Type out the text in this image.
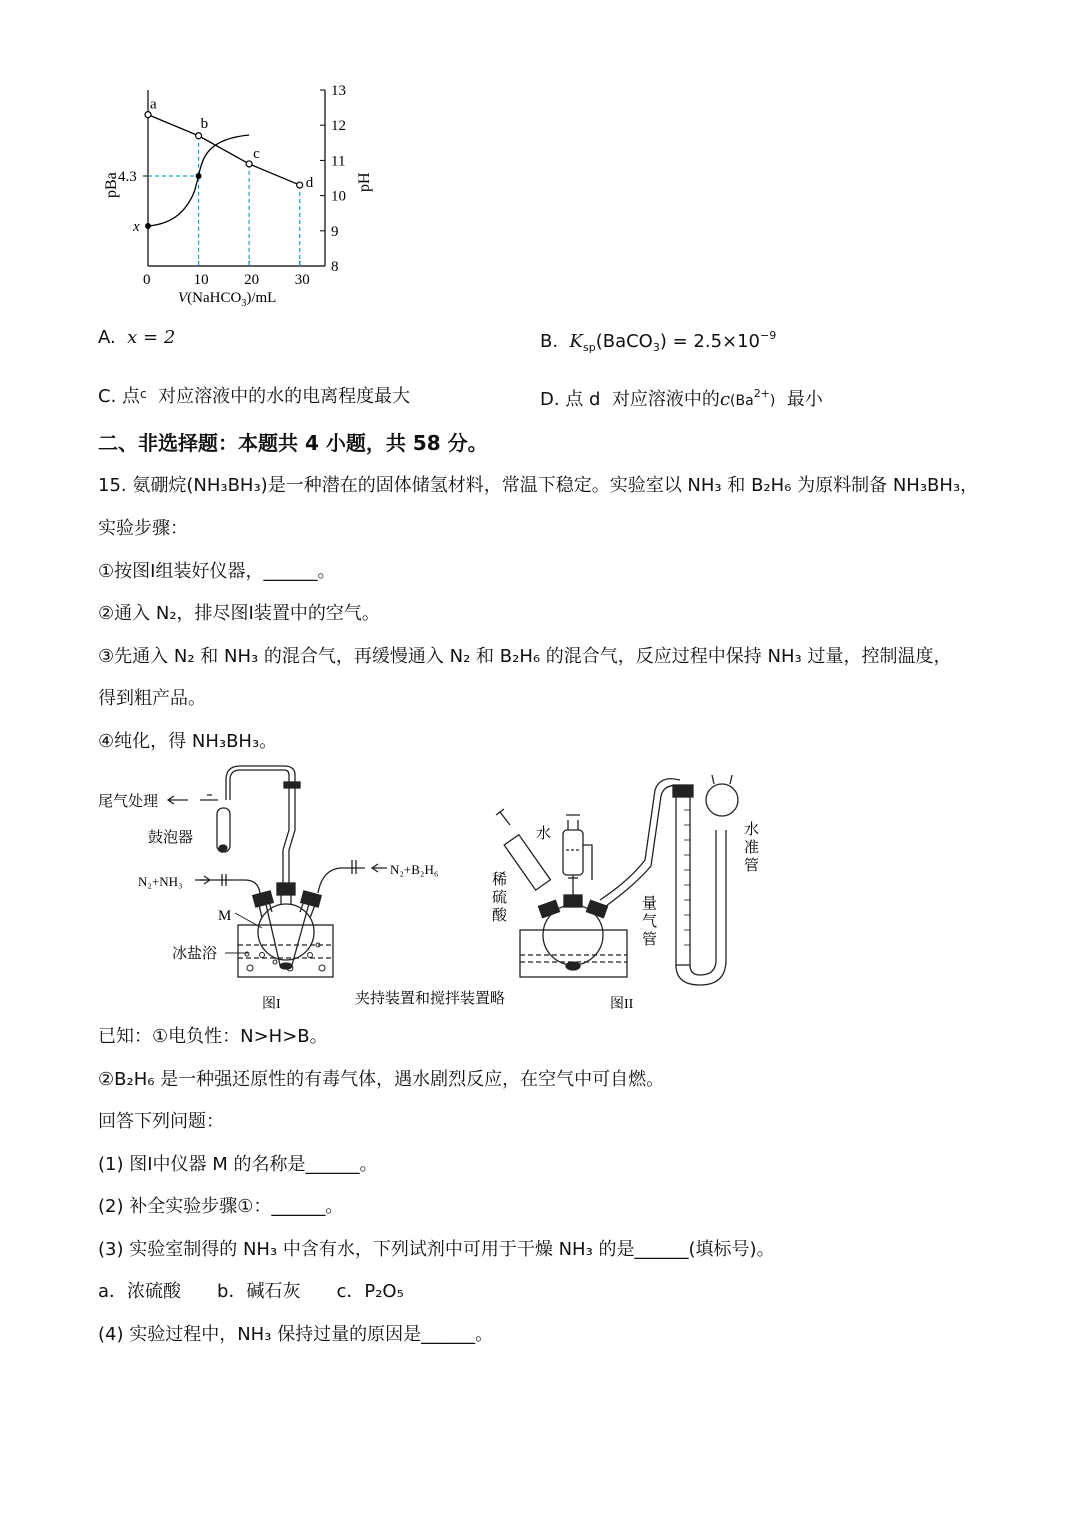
0	10 20 30
13
12
11
10
9
8
4.3
x
a
b
c
d
pBa	pH
V(NaHCO$_3$)/mL
A. x = 2	B. $K_{sp}(BaCO_3) = 2.5\times 10^{-9}$
C. 点$^c$ 对应溶液中的水的电离程度最大	D. 点 d 对应溶液中的$c(Ba^{2+})$ 最小
二、非选择题：本题共 4 小题，共 58 分。
15. 氨硼烷(NH₃BH₃)是一种潜在的固体储氢材料，常温下稳定。实验室以 NH₃ 和 B₂H₆ 为原料制备 NH₃BH₃，
实验步骤：
①按图Ⅰ组装好仪器，______。
②通入 N₂，排尽图Ⅰ装置中的空气。
③先通入 N₂ 和 NH₃ 的混合气，再缓慢通入 N₂ 和 B₂H₆ 的混合气，反应过程中保持 NH₃ 过量，控制温度，
得到粗产品。
④纯化，得 NH₃BH₃。
尾气处理
鼓泡器
N₂+NH₃
N₂+B₂H₆
M
冰盐浴
图I	夹持装置和搅拌装置略
水
图II
稀硫酸
量气管
水准管
已知：①电负性：N>H>B。
②B₂H₆ 是一种强还原性的有毒气体，遇水剧烈反应，在空气中可自燃。
回答下列问题：
(1) 图Ⅰ中仪器 M 的名称是______。
(2) 补全实验步骤①：______。
(3) 实验室制得的 NH₃ 中含有水，下列试剂中可用于干燥 NH₃ 的是______(填标号)。
a．浓硫酸 b．碱石灰 c．P₂O₅
(4) 实验过程中，NH₃ 保持过量的原因是______。
